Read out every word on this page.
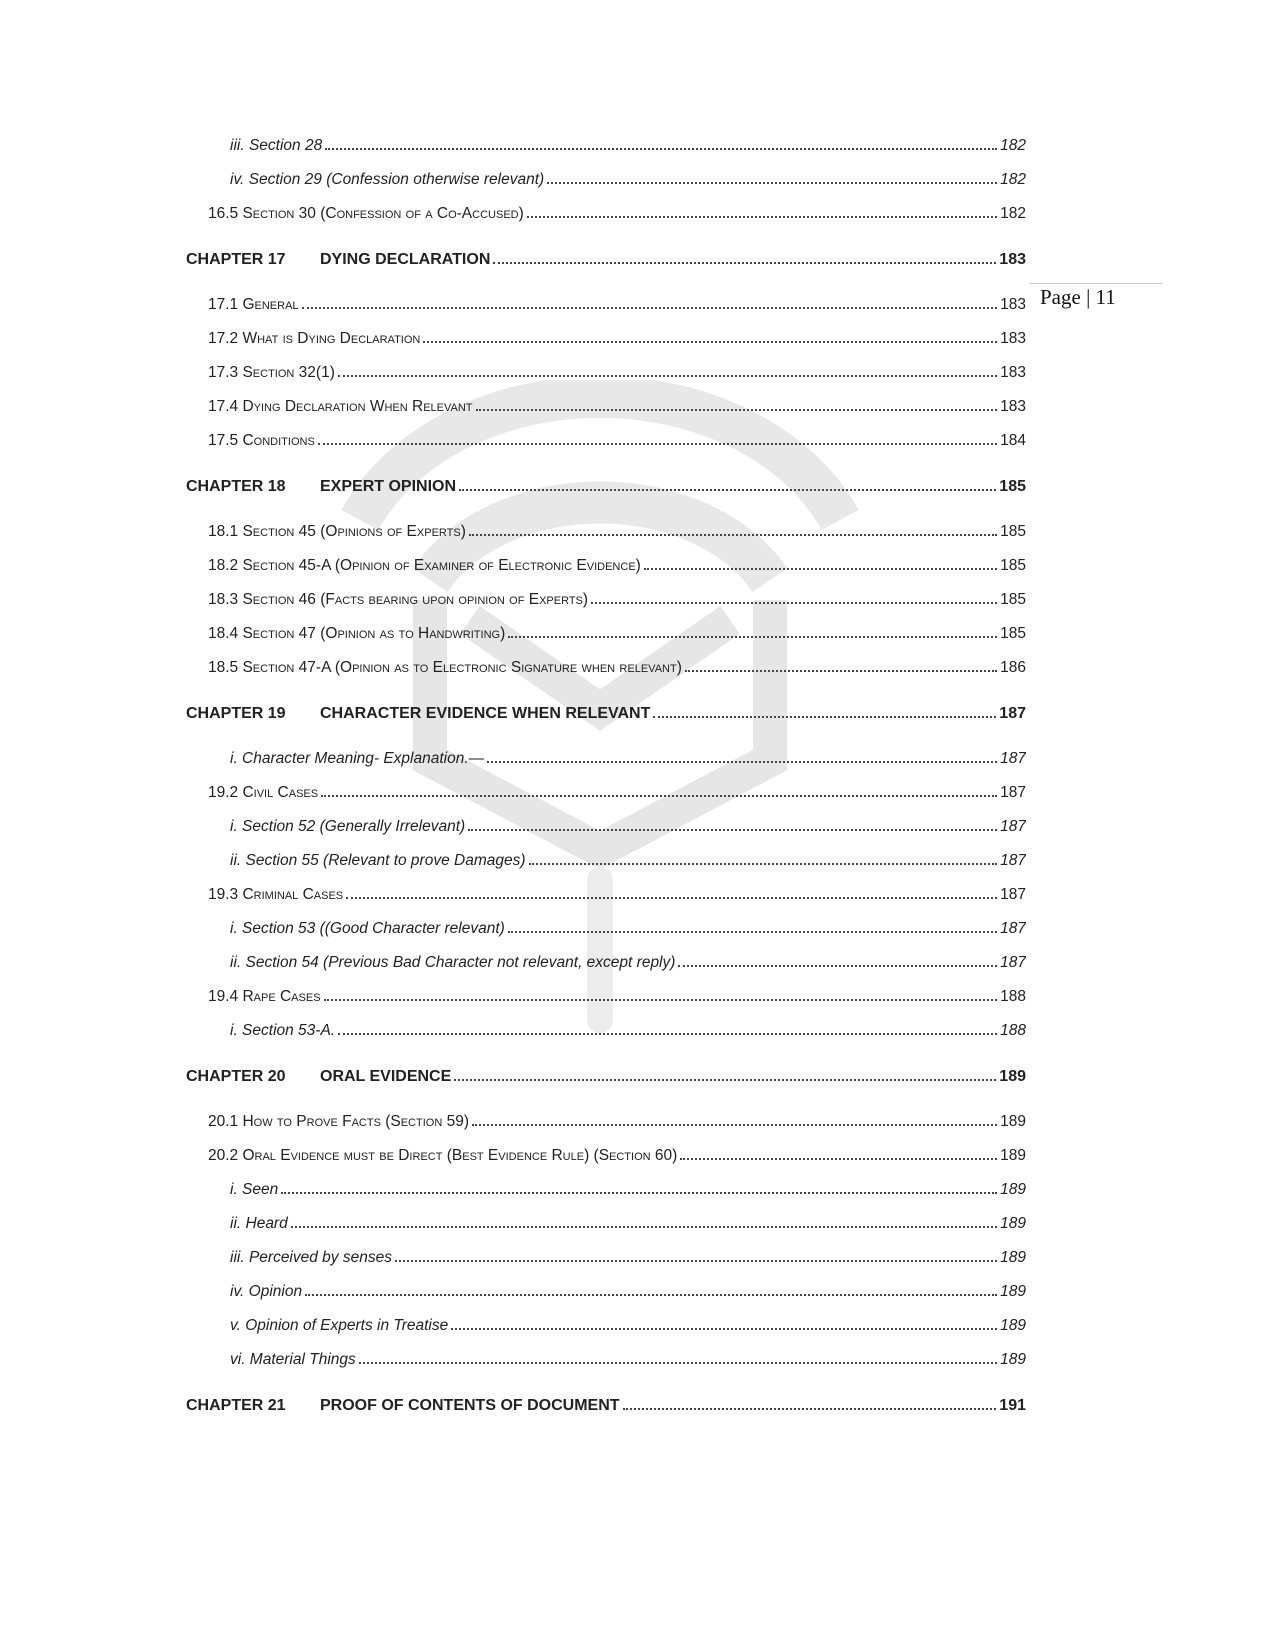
iii. Section 28	182
iv. Section 29 (Confession otherwise relevant)	182
16.5 Section 30 (Confession of a Co-Accused)	182
CHAPTER 17	DYING DECLARATION	183
17.1 General	183
17.2 What is Dying Declaration	183
17.3 Section 32(1)	183
17.4 Dying Declaration When Relevant	183
17.5 Conditions	184
CHAPTER 18	EXPERT OPINION	185
18.1 Section 45 (Opinions of Experts)	185
18.2 Section 45-A (Opinion of Examiner of Electronic Evidence)	185
18.3 Section 46 (Facts bearing upon opinion of Experts)	185
18.4 Section 47 (Opinion as to Handwriting)	185
18.5 Section 47-A (Opinion as to Electronic Signature when relevant)	186
CHAPTER 19	CHARACTER EVIDENCE WHEN RELEVANT	187
i. Character Meaning- Explanation.—	187
19.2 Civil Cases	187
i. Section 52 (Generally Irrelevant)	187
ii. Section 55 (Relevant to prove Damages)	187
19.3 Criminal Cases	187
i. Section 53 ((Good Character relevant)	187
ii. Section 54 (Previous Bad Character not relevant, except reply)	187
19.4 Rape Cases	188
i. Section 53-A.	188
CHAPTER 20	ORAL EVIDENCE	189
20.1 How to Prove Facts (Section 59)	189
20.2 Oral Evidence must be Direct (Best Evidence Rule) (Section 60)	189
i. Seen	189
ii. Heard	189
iii. Perceived by senses	189
iv. Opinion	189
v. Opinion of Experts in Treatise	189
vi. Material Things	189
CHAPTER 21	PROOF OF CONTENTS OF DOCUMENT	191
Page | 11
